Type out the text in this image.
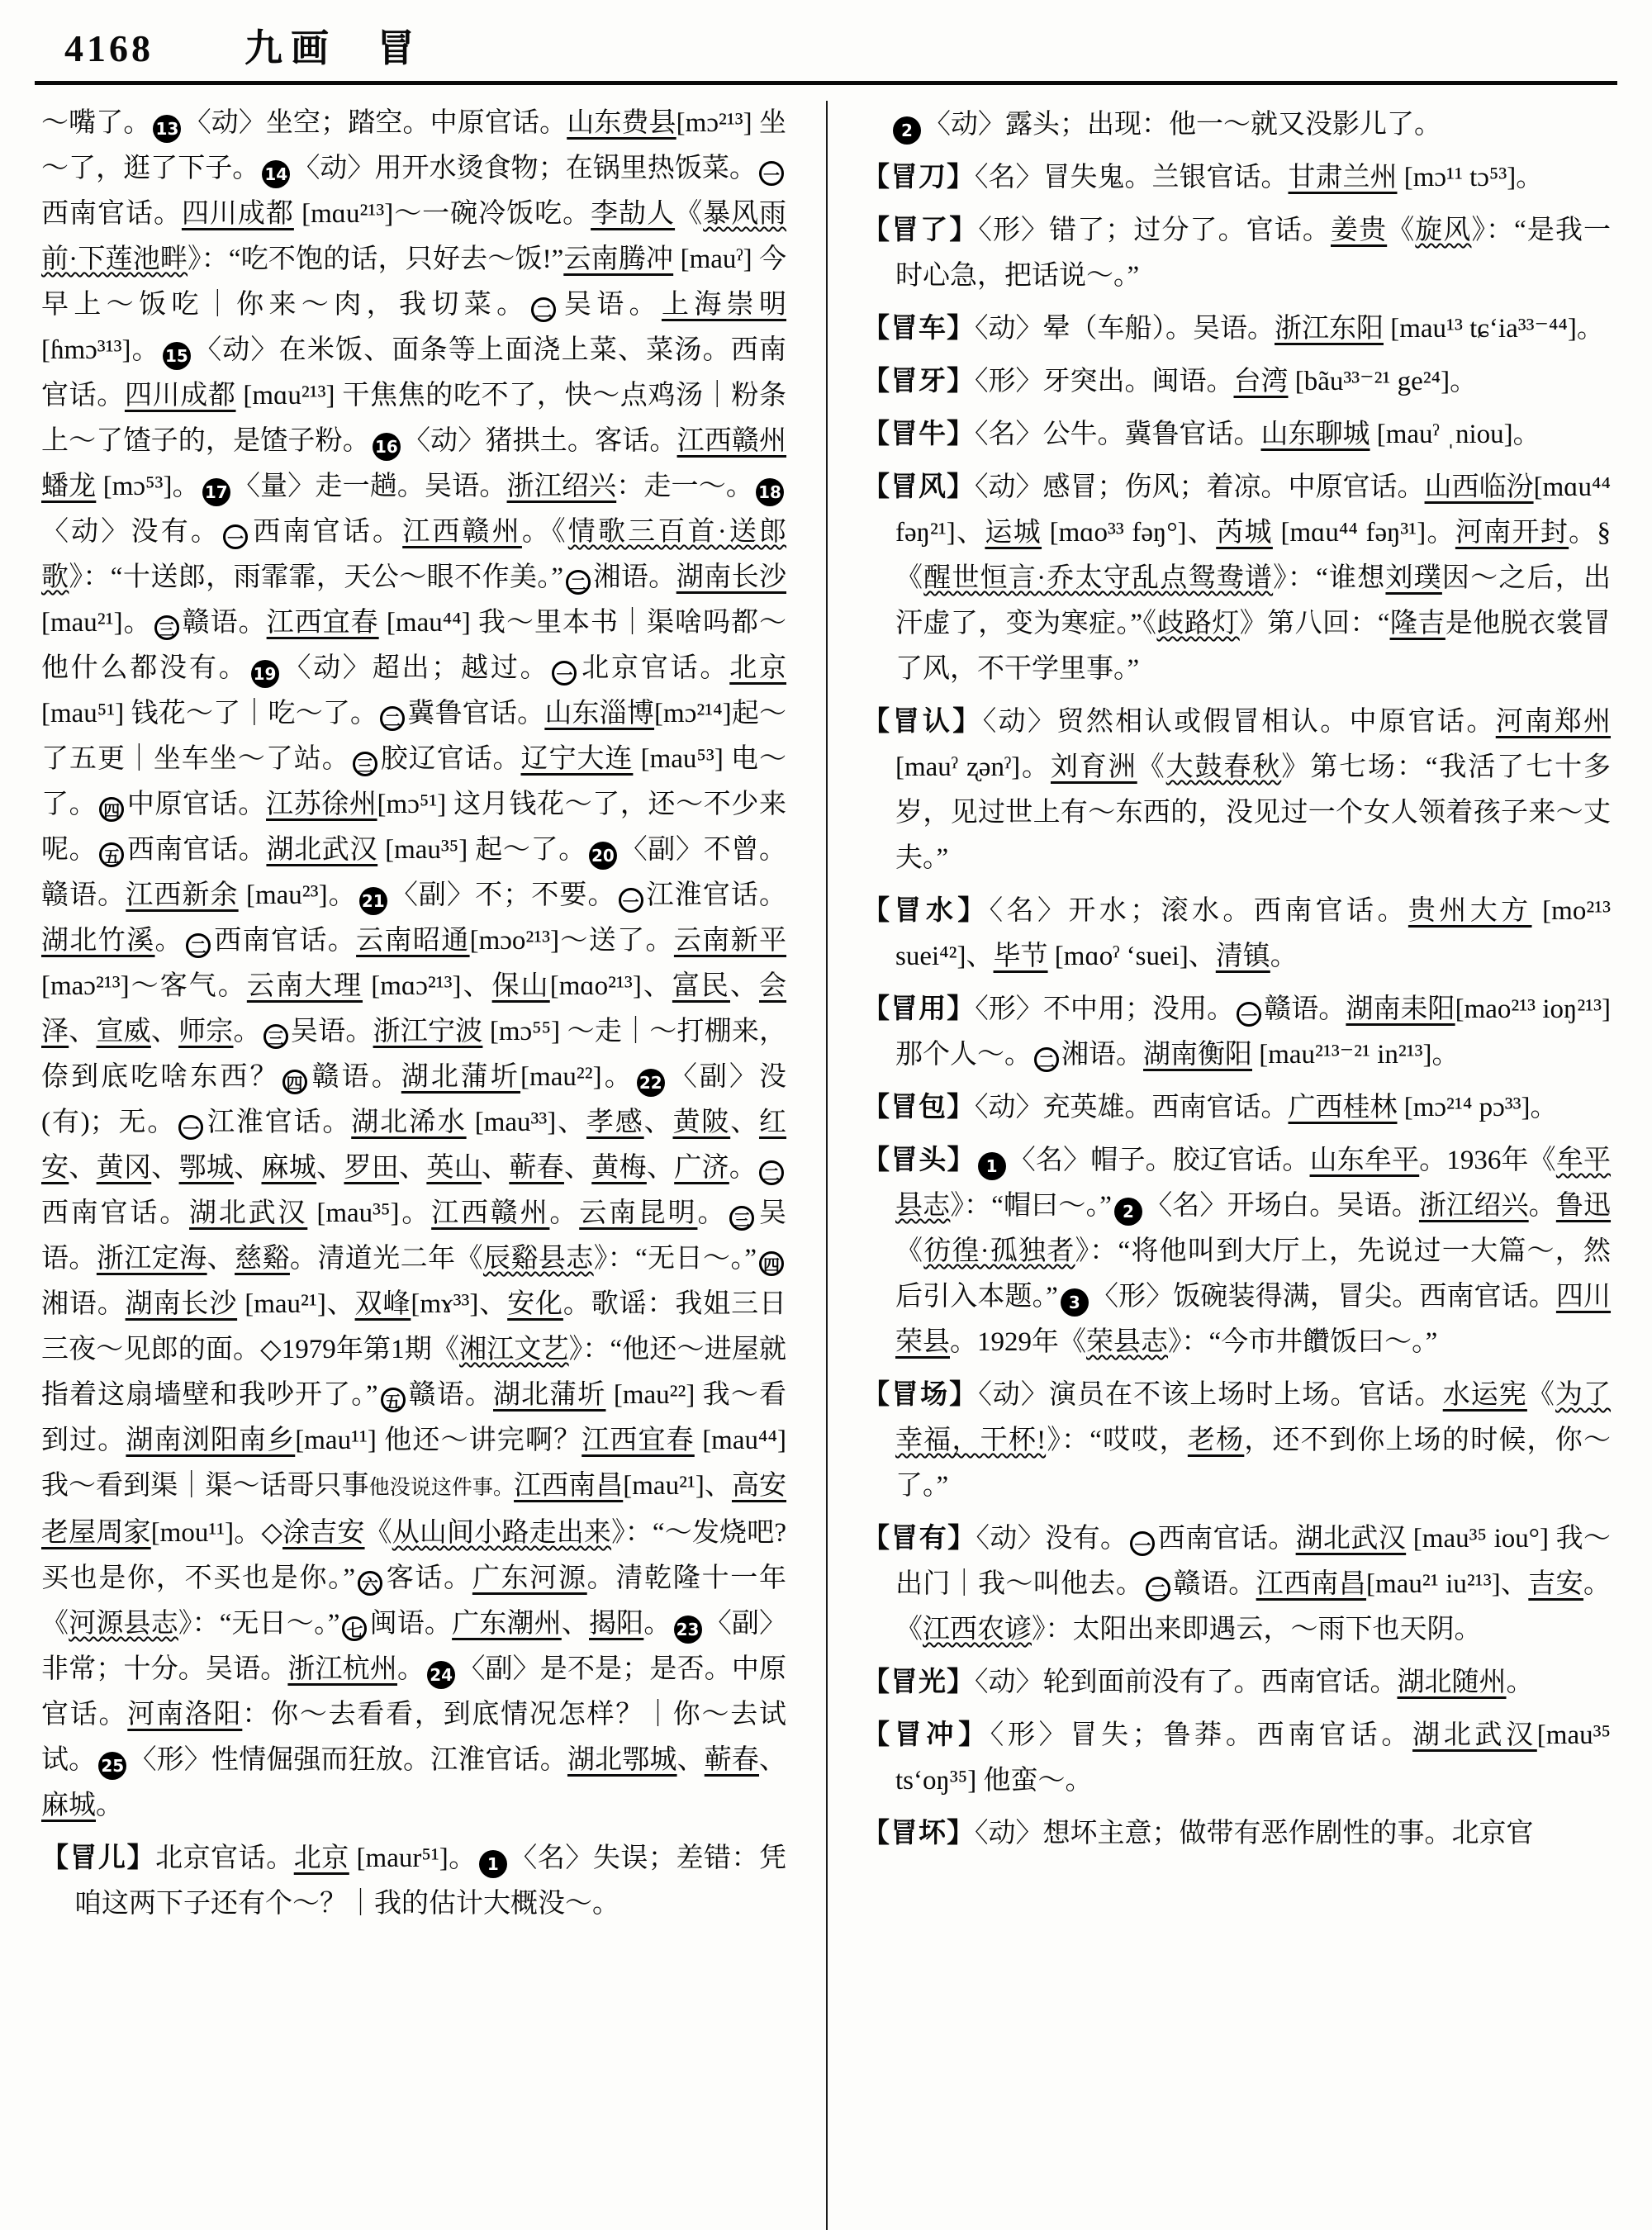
4168 九画 冒

～嘴了。 13 〈动〉坐空；踏空。中原官话。山东费县[mɔ²¹³] 坐～了，逛了下子。 14 〈动〉用开水烫食物；在锅里热饭菜。 一西南官话。四川成都 [mɑu²¹³]～一碗冷饭吃。李劼人《暴风雨前·下莲池畔》：“吃不饱的话，只好去～饭!”云南腾冲 [mauˀ] 今早上～饭吃｜你来～肉，我切菜。 二 吴语。上海崇明 [ɦmɔ³¹³]。 15 〈动〉在米饭、面条等上面浇上菜、菜汤。西南官话。四川成都 [mɑu²¹³] 干焦焦的吃不了，快～点鸡汤｜粉条上～了馇子的，是馇子粉。 16 〈动〉猪拱土。客话。江西赣州蟠龙 [mɔ⁵³]。 17 〈量〉走一趟。吴语。浙江绍兴：走一～。 18〈动〉没有。 一 西南官话。江西赣州。《情歌三百首·送郎歌》：“十送郎，雨霏霏，天公～眼不作美。” 二 湘语。湖南长沙 [mau²¹]。 三 赣语。江西宜春 [mau⁴⁴] 我～里本书｜渠啥吗都～他什么都没有。 19 〈动〉超出；越过。 一 北京官话。北京 [mau⁵¹] 钱花～了｜吃～了。 二 冀鲁官话。山东淄博[mɔ²¹⁴]起～了五更｜坐车坐～了站。 三 胶辽官话。辽宁大连 [mau⁵³] 电～了。 四 中原官话。江苏徐州[mɔ⁵¹] 这月钱花～了，还～不少来呢。 五 西南官话。湖北武汉 [mau³⁵] 起～了。 20 〈副〉不曾。赣语。江西新余 [mau²³]。 21 〈副〉不；不要。 一 江淮官话。湖北竹溪。 二 西南官话。云南昭通[mɔo²¹³]～送了。云南新平 [maɔ²¹³]～客气。云南大理 [mɑɔ²¹³]、保山[mɑo²¹³]、富民、会泽、宣威、师宗。 三 吴语。浙江宁波 [mɔ⁵⁵] ～走｜～打棚来，倷到底吃啥东西？ 四 赣语。湖北蒲圻[mau²²]。 22 〈副〉没(有)；无。 一 江淮官话。湖北浠水 [mau³³]、孝感、黄陂、红安、黄冈、鄂城、麻城、罗田、英山、蕲春、黄梅、广济。 二西南官话。湖北武汉 [mau³⁵]。江西赣州。云南昆明。 三 吴语。浙江定海、慈谿。清道光二年《辰谿县志》：“无日～。” 四湘语。湖南长沙 [mau²¹]、双峰[mɤ³³]、安化。歌谣：我姐三日三夜～见郎的面。◇1979年第1期《湘江文艺》：“他还～进屋就指着这扇墙壁和我吵开了。” 五 赣语。湖北蒲圻 [mau²²] 我～看到过。湖南浏阳南乡[mau¹¹] 他还～讲完啊？江西宜春 [mau⁴⁴] 我～看到渠｜渠～话哥只事他没说这件事。江西南昌[mau²¹]、高安老屋周家[mou¹¹]。◇涂吉安《从山间小路走出来》：“～发烧吧?买也是你，不买也是你。” 六 客话。广东河源。清乾隆十一年《河源县志》：“无日～。” 七 闽语。广东潮州、揭阳。 23 〈副〉非常；十分。吴语。浙江杭州。 24 〈副〉是不是；是否。中原官话。河南洛阳：你～去看看，到底情况怎样？｜你～去试试。 25 〈形〉性情倔强而狂放。江淮官话。湖北鄂城、蕲春、麻城。

【冒儿】北京官话。北京 [maur⁵¹]。 1 〈名〉失误；差错：凭咱这两下子还有个～？｜我的估计大概没～。

2 〈动〉露头；出现：他一～就又没影儿了。

【冒刀】〈名〉冒失鬼。兰银官话。甘肃兰州 [mɔ¹¹ tɔ⁵³]。

【冒了】〈形〉错了；过分了。官话。姜贵《旋风》：“是我一时心急，把话说～。”

【冒车】〈动〉晕（车船）。吴语。浙江东阳 [mau¹³ tɕʻia³³⁻⁴⁴]。

【冒牙】〈形〉牙突出。闽语。台湾 [bãu³³⁻²¹ ge²⁴]。

【冒牛】〈名〉公牛。冀鲁官话。山东聊城 [mauˀ ˌniou]。

【冒风】〈动〉感冒；伤风；着凉。中原官话。山西临汾[mɑu⁴⁴ fəŋ²¹]、运城 [mɑo³³ fəŋ°]、芮城 [mɑu⁴⁴ fəŋ³¹]。河南开封。§《醒世恒言·乔太守乱点鸳鸯谱》：“谁想刘璞因～之后，出汗虚了，变为寒症。”《歧路灯》第八回：“隆吉是他脱衣裳冒了风，不干学里事。”

【冒认】〈动〉贸然相认或假冒相认。中原官话。河南郑州 [mauˀ ʐənˀ]。刘育洲《大鼓春秋》第七场：“我活了七十多岁，见过世上有～东西的，没见过一个女人领着孩子来～丈夫。”

【冒水】〈名〉开水；滚水。西南官话。贵州大方 [mo²¹³ suei⁴²]、毕节 [mɑoˀ ʻsuei]、清镇。

【冒用】〈形〉不中用；没用。 一 赣语。湖南耒阳[mao²¹³ ioŋ²¹³] 那个人～。 二 湘语。湖南衡阳 [mau²¹³⁻²¹ in²¹³]。

【冒包】〈动〉充英雄。西南官话。广西桂林 [mɔ²¹⁴ pɔ³³]。

【冒头】 1 〈名〉帽子。胶辽官话。山东牟平。1936年《牟平县志》：“帽曰～。” 2 〈名〉开场白。吴语。浙江绍兴。鲁迅《彷徨·孤独者》：“将他叫到大厅上，先说过一大篇～，然后引入本题。” 3 〈形〉饭碗装得满，冒尖。西南官话。四川荣县。1929年《荣县志》：“今市井饡饭曰～。”

【冒场】〈动〉演员在不该上场时上场。官话。水运宪《为了幸福，干杯!》：“哎哎，老杨，还不到你上场的时候，你～了。”

【冒有】〈动〉没有。 一 西南官话。湖北武汉 [mau³⁵ iou°] 我～出门｜我～叫他去。 二 赣语。江西南昌[mau²¹ iu²¹³]、吉安。《江西农谚》：太阳出来即遇云，～雨下也天阴。

【冒光】〈动〉轮到面前没有了。西南官话。湖北随州。

【冒冲】〈形〉冒失；鲁莽。西南官话。湖北武汉[mau³⁵ tsʻoŋ³⁵] 他蛮～。

【冒坏】〈动〉想坏主意；做带有恶作剧性的事。北京官
